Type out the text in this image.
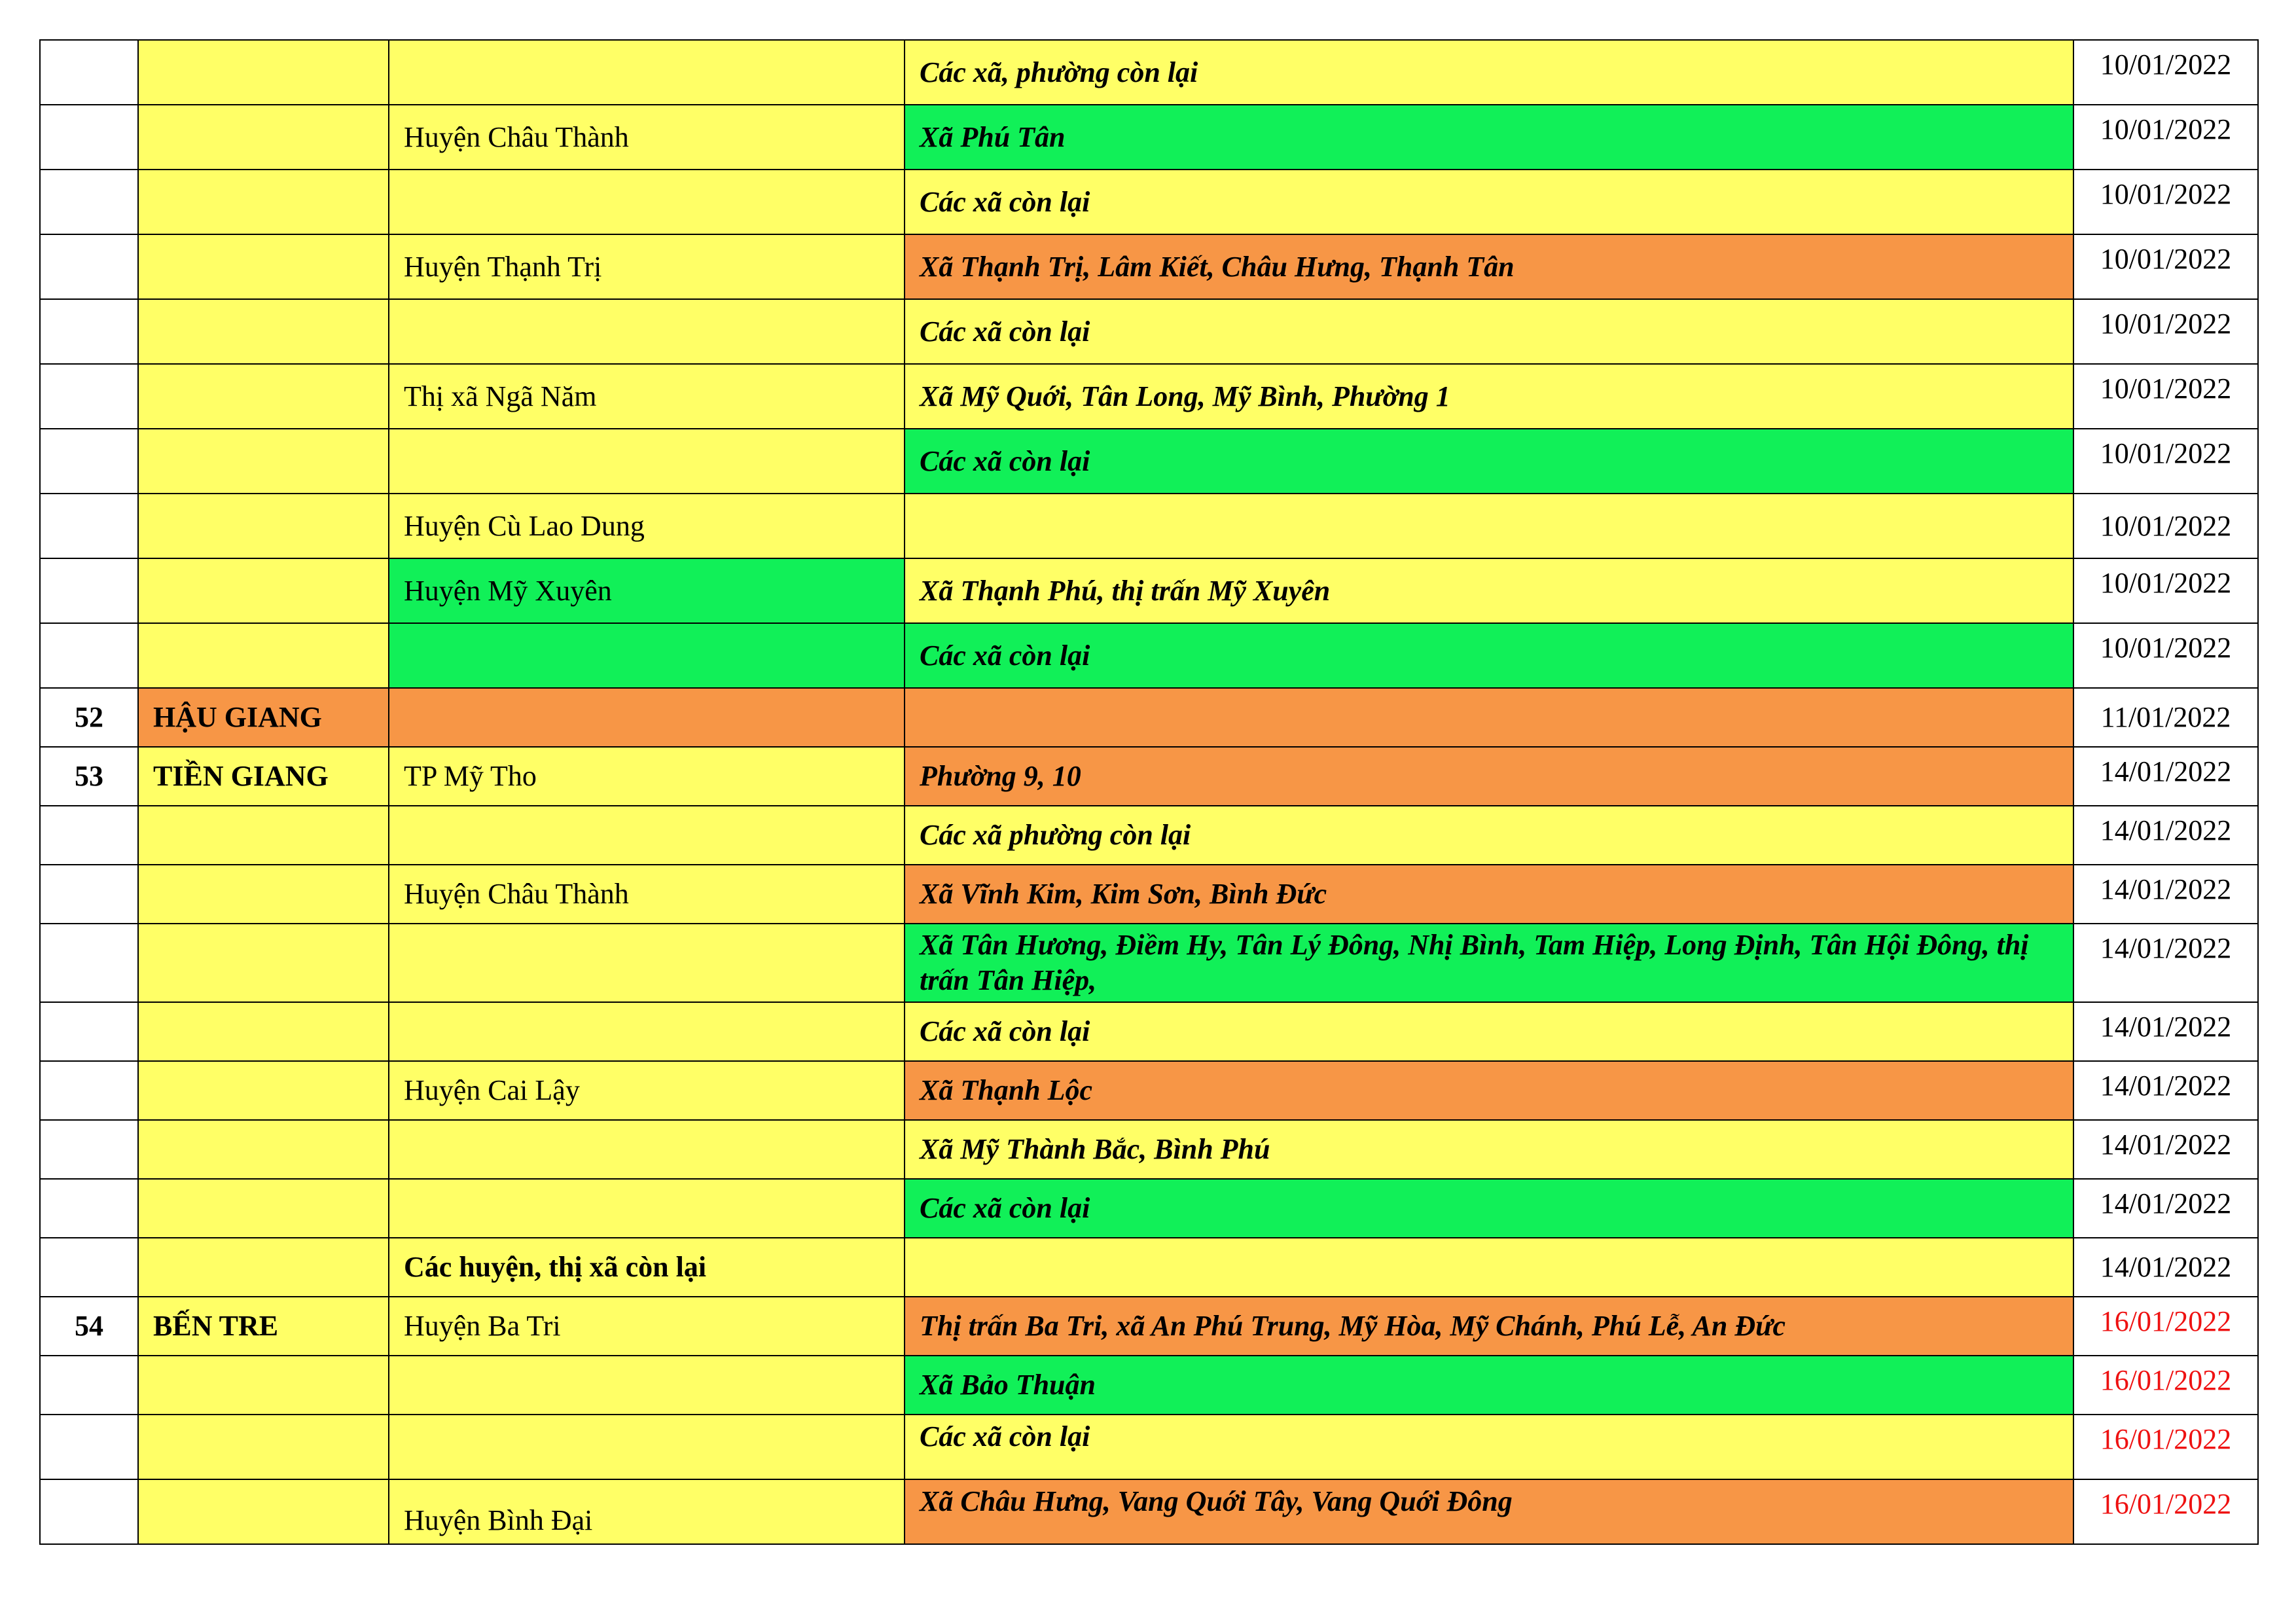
			Các xã, phường còn lại	10/01/2022
		Huyện Châu Thành	Xã Phú Tân	10/01/2022
			Các xã còn lại	10/01/2022
		Huyện Thạnh Trị	Xã Thạnh Trị, Lâm Kiết, Châu Hưng, Thạnh Tân	10/01/2022
			Các xã còn lại	10/01/2022
		Thị xã Ngã Năm	Xã Mỹ Quới, Tân Long, Mỹ Bình, Phường 1	10/01/2022
			Các xã còn lại	10/01/2022
		Huyện Cù Lao Dung		10/01/2022
		Huyện Mỹ Xuyên	Xã Thạnh Phú, thị trấn Mỹ Xuyên	10/01/2022
			Các xã còn lại	10/01/2022
52	HẬU GIANG			11/01/2022
53	TIỀN GIANG	TP Mỹ Tho	Phường 9, 10	14/01/2022
			Các xã phường còn lại	14/01/2022
		Huyện Châu Thành	Xã Vĩnh Kim, Kim Sơn, Bình Đức	14/01/2022
			Xã Tân Hương, Điềm Hy, Tân Lý Đông, Nhị Bình, Tam Hiệp, Long Định, Tân Hội Đông, thị trấn Tân Hiệp,	14/01/2022
			Các xã còn lại	14/01/2022
		Huyện Cai Lậy	Xã Thạnh Lộc	14/01/2022
			Xã Mỹ Thành Bắc, Bình Phú	14/01/2022
			Các xã còn lại	14/01/2022
		Các huyện, thị xã còn lại		14/01/2022
54	BẾN TRE	Huyện Ba Tri	Thị trấn Ba Tri, xã An Phú Trung, Mỹ Hòa, Mỹ Chánh, Phú Lễ, An Đức	16/01/2022
			Xã Bảo Thuận	16/01/2022
			Các xã còn lại	16/01/2022
		Huyện Bình Đại	Xã Châu Hưng, Vang Quới Tây, Vang Quới Đông	16/01/2022
